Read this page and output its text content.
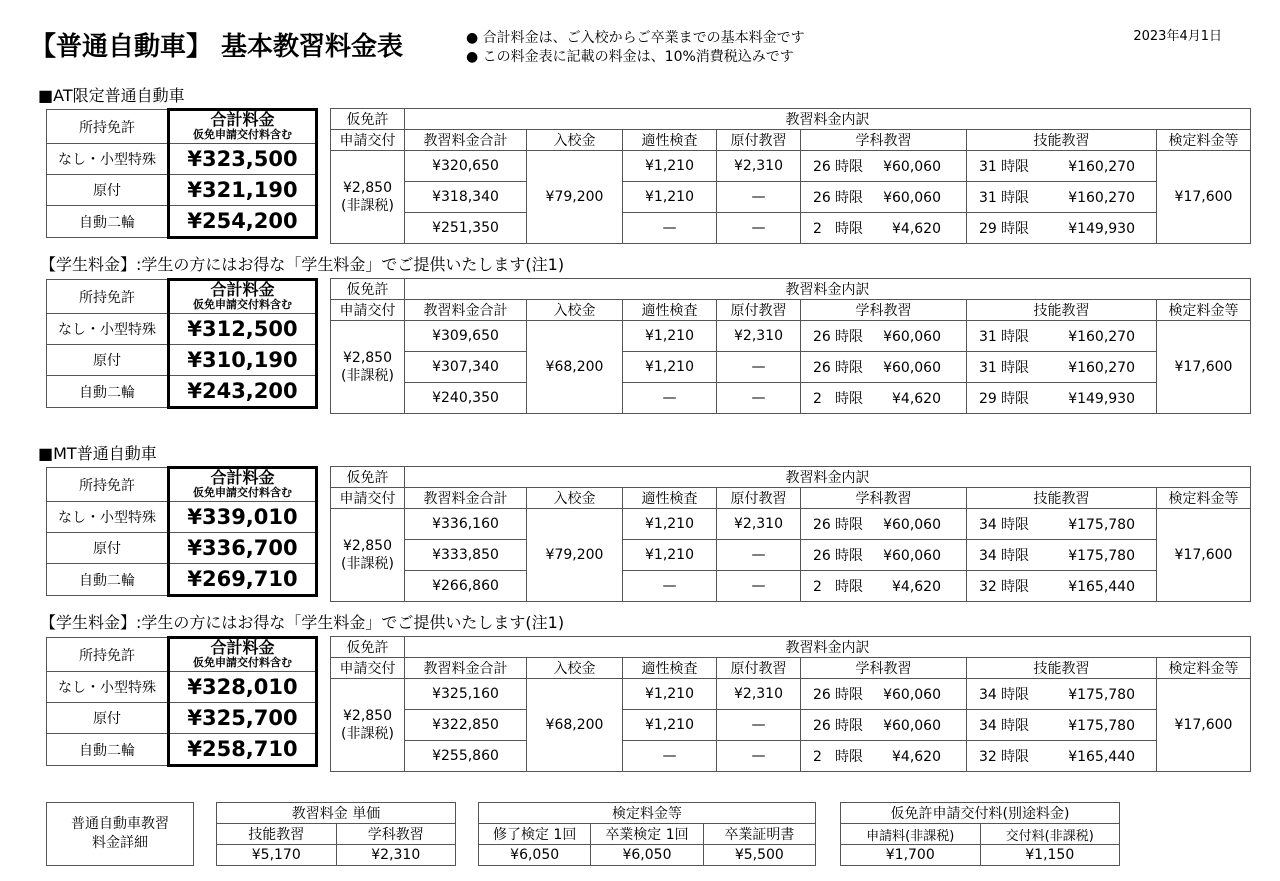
【普通自動車】 基本教習料金表	● 合計料金は、ご入校からご卒業までの基本料金です
● この料金表に記載の料金は、10%消費税込みです
2023年4月1日
■AT限定普通自動車
所持免許	合計料金
仮免申請交付料含む

なし・小型特殊	¥323,500
原付	¥321,190
自動二輪	¥254,200
仮免許	教習料金内訳						
申請交付	教習料金合計	入校金	適性検査	原付教習	学科教習	技能教習	検定料金等

¥2,850
(非課税)	¥320,650	¥79,200	¥1,210	¥2,310	26 時限 ¥60,060	31 時限 ¥160,270	¥17,600
	¥318,340		¥1,210	—	26 時限 ¥60,060	31 時限 ¥160,270	
	¥251,350		—	—	2 時限 ¥4,620	29 時限 ¥149,930	
【学生料金】:学生の方にはお得な「学生料金」でご提供いたします(注1)
所持免許	合計料金
仮免申請交付料含む

なし・小型特殊	¥312,500
原付	¥310,190
自動二輪	¥243,200
仮免許	教習料金内訳						
申請交付	教習料金合計	入校金	適性検査	原付教習	学科教習	技能教習	検定料金等

¥2,850
(非課税)	¥309,650	¥68,200	¥1,210	¥2,310	26 時限 ¥60,060	31 時限 ¥160,270	¥17,600
	¥307,340		¥1,210	—	26 時限 ¥60,060	31 時限 ¥160,270	
	¥240,350		—	—	2 時限 ¥4,620	29 時限 ¥149,930	
■MT普通自動車
所持免許	合計料金
仮免申請交付料含む

なし・小型特殊	¥339,010
原付	¥336,700
自動二輪	¥269,710
仮免許	教習料金内訳						
申請交付	教習料金合計	入校金	適性検査	原付教習	学科教習	技能教習	検定料金等

¥2,850
(非課税)	¥336,160	¥79,200	¥1,210	¥2,310	26 時限 ¥60,060	34 時限 ¥175,780	¥17,600
	¥333,850		¥1,210	—	26 時限 ¥60,060	34 時限 ¥175,780	
	¥266,860		—	—	2 時限 ¥4,620	32 時限 ¥165,440	
【学生料金】:学生の方にはお得な「学生料金」でご提供いたします(注1)
所持免許	合計料金
仮免申請交付料含む

なし・小型特殊	¥328,010
原付	¥325,700
自動二輪	¥258,710
仮免許	教習料金内訳						
申請交付	教習料金合計	入校金	適性検査	原付教習	学科教習	技能教習	検定料金等

¥2,850
(非課税)	¥325,160	¥68,200	¥1,210	¥2,310	26 時限 ¥60,060	34 時限 ¥175,780	¥17,600
	¥322,850		¥1,210	—	26 時限 ¥60,060	34 時限 ¥175,780	
	¥255,860		—	—	2 時限 ¥4,620	32 時限 ¥165,440	
普通自動車教習
料金詳細
教習料金 単価	
技能教習	学科教習
¥5,170	¥2,310
検定料金等		
修了検定 1回	卒業検定 1回	卒業証明書
¥6,050	¥6,050	¥5,500
仮免許申請交付料(別途料金)	
申請料(非課税)	交付料(非課税)
¥1,700	¥1,150
